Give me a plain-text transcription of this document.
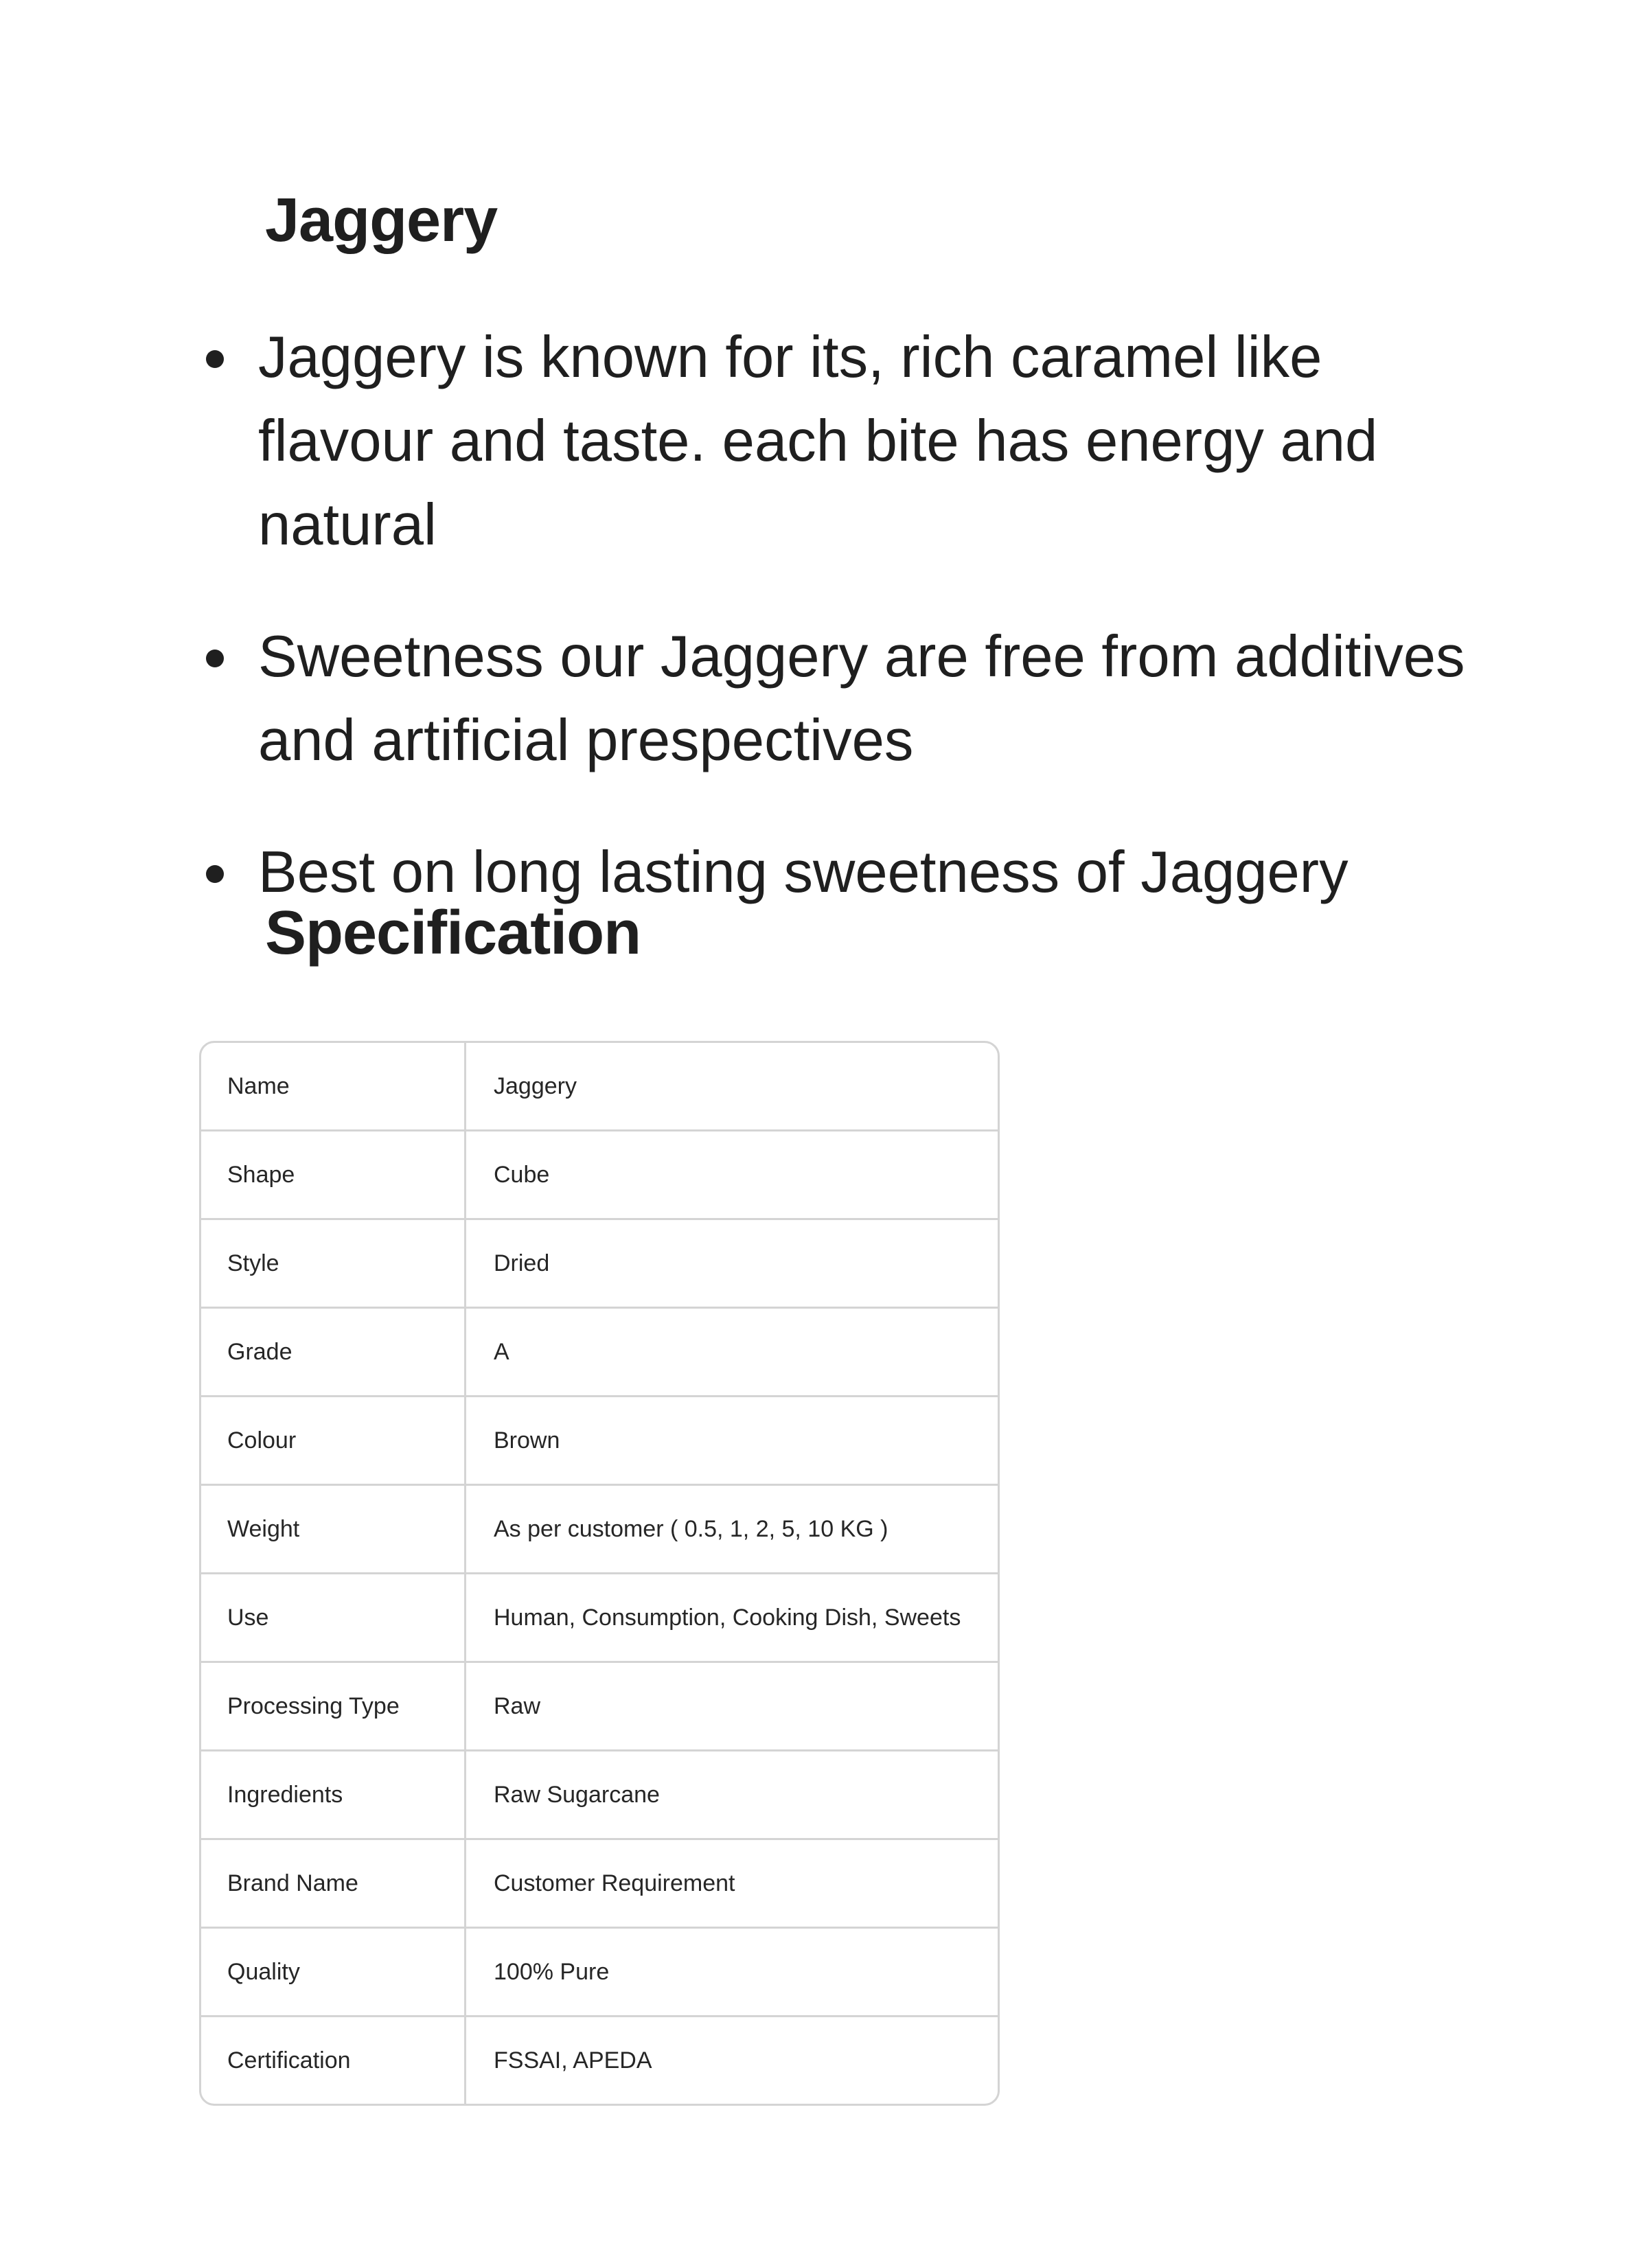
Jaggery
Jaggery is known for its, rich caramel like flavour and taste. each bite has energy and natural
Sweetness our Jaggery are free from additives and artificial prespectives
Best on long lasting sweetness of Jaggery
Specification
Name	Jaggery
Shape	Cube
Style	Dried
Grade	A
Colour	Brown
Weight	As per customer ( 0.5, 1, 2, 5, 10 KG )
Use	Human, Consumption, Cooking Dish, Sweets
Processing Type	Raw
Ingredients	Raw Sugarcane
Brand Name	Customer Requirement
Quality	100% Pure
Certification	FSSAI, APEDA
